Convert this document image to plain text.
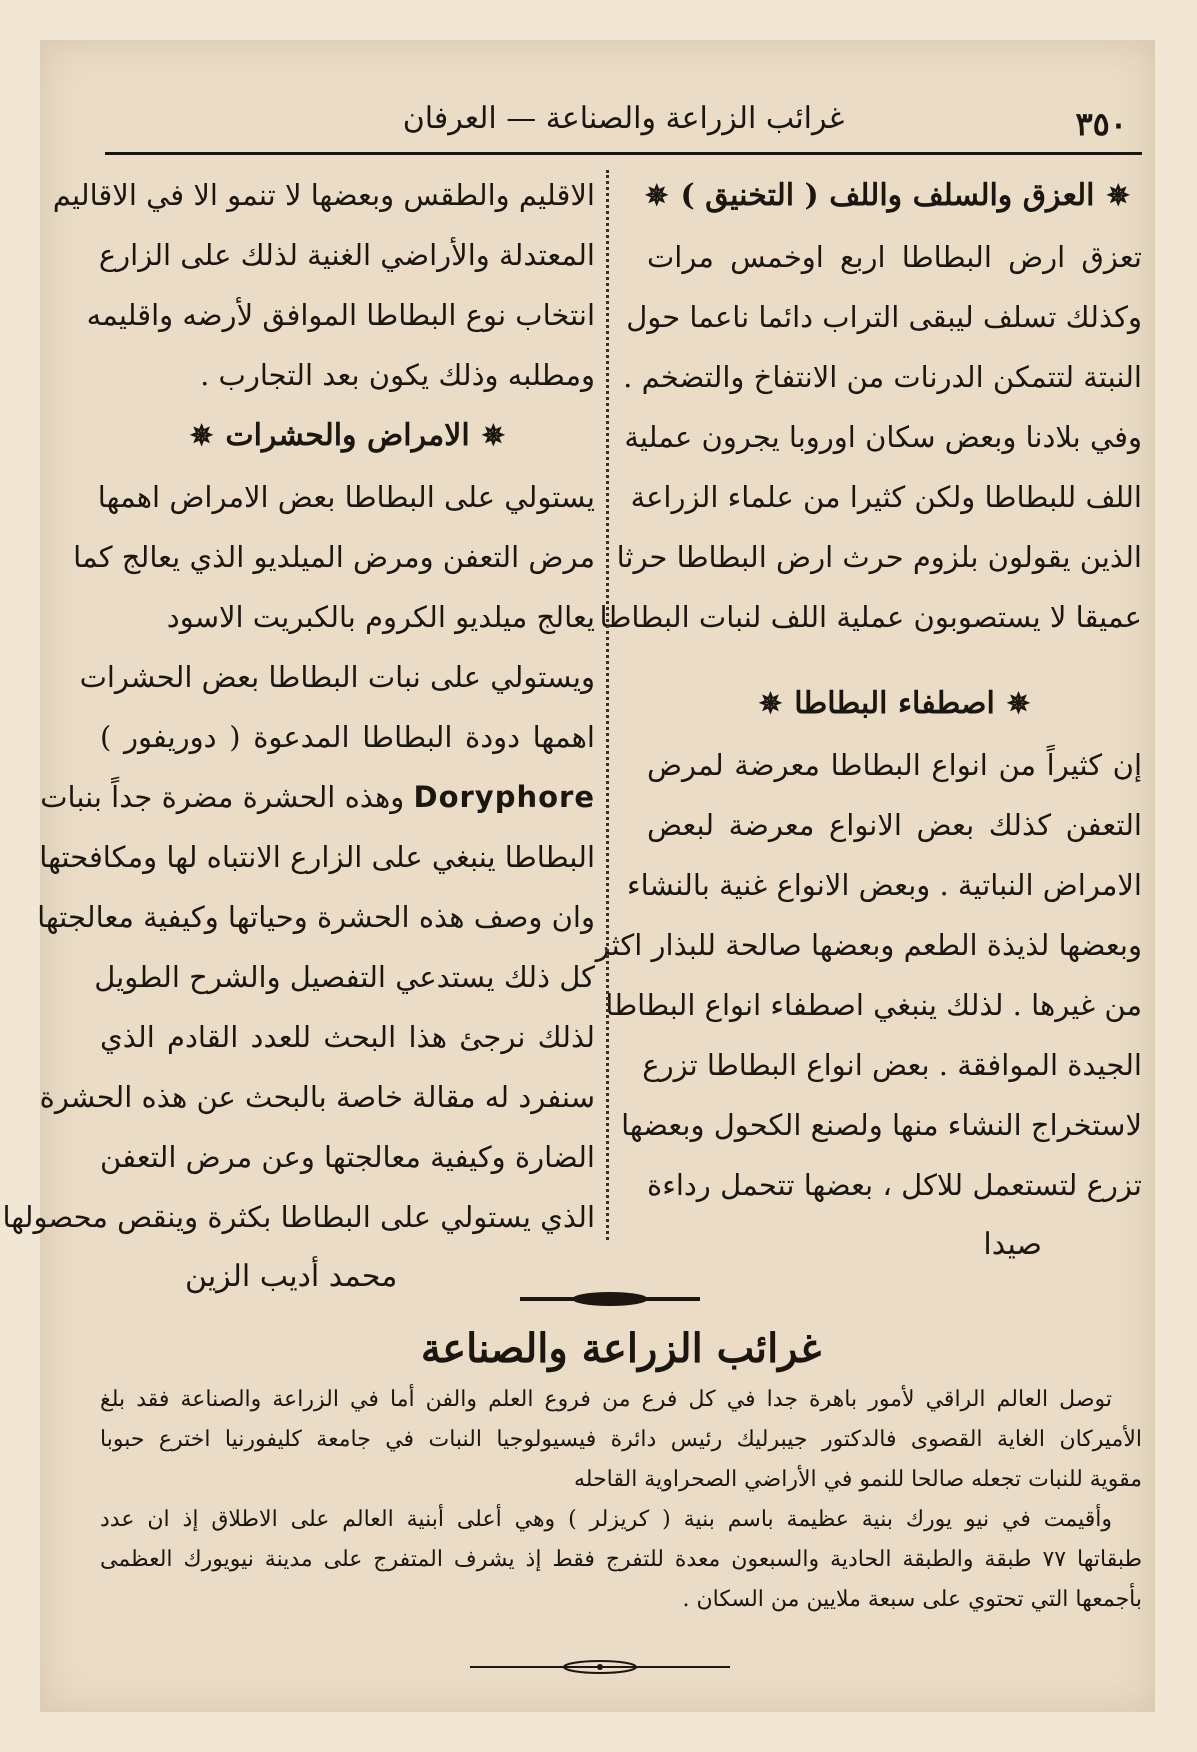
٣٥٠
غرائب الزراعة والصناعة — العرفان
✵العزق والسلف واللف ( التخنيق )✵
تعزق ارض البطاطا اربع اوخمس مرات
وكذلك تسلف ليبقى التراب دائما ناعما حول
النبتة لتتمكن الدرنات من الانتفاخ والتضخم .
وفي بلادنا وبعض سكان اوروبا يجرون عملية
اللف للبطاطا ولكن كثيرا من علماء الزراعة
الذين يقولون بلزوم حرث ارض البطاطا حرثا
عميقا لا يستصوبون عملية اللف لنبات البطاطا
✵اصطفاء البطاطا✵
إن كثيراً من انواع البطاطا معرضة لمرض
التعفن كذلك بعض الانواع معرضة لبعض
الامراض النباتية . وبعض الانواع غنية بالنشاء
وبعضها لذيذة الطعم وبعضها صالحة للبذار اكثر
من غيرها . لذلك ينبغي اصطفاء انواع البطاطا
الجيدة الموافقة . بعض انواع البطاطا تزرع
لاستخراج النشاء منها ولصنع الكحول وبعضها
تزرع لتستعمل للاكل ، بعضها تتحمل رداءة
صيدا
الاقليم والطقس وبعضها لا تنمو الا في الاقاليم
المعتدلة والأراضي الغنية لذلك على الزارع
انتخاب نوع البطاطا الموافق لأرضه واقليمه
ومطلبه وذلك يكون بعد التجارب .
✵الامراض والحشرات✵
يستولي على البطاطا بعض الامراض اهمها
مرض التعفن ومرض الميلديو الذي يعالج كما
يعالج ميلديو الكروم بالكبريت الاسود
ويستولي على نبات البطاطا بعض الحشرات
اهمها دودة البطاطا المدعوة ( دوريفور )
Doryphore وهذه الحشرة مضرة جداً بنبات
البطاطا ينبغي على الزارع الانتباه لها ومكافحتها
وان وصف هذه الحشرة وحياتها وكيفية معالجتها
كل ذلك يستدعي التفصيل والشرح الطويل
لذلك نرجئ هذا البحث للعدد القادم الذي
سنفرد له مقالة خاصة بالبحث عن هذه الحشرة
الضارة وكيفية معالجتها وعن مرض التعفن
الذي يستولي على البطاطا بكثرة وينقص محصولها
محمد أديب الزين
غرائب الزراعة والصناعة
توصل العالم الراقي لأمور باهرة جدا في كل فرع من فروع العلم والفن أما في الزراعة والصناعة فقد بلغ
الأميركان الغاية القصوى فالدكتور جيبرليك رئيس دائرة فيسيولوجيا النبات في جامعة كليفورنيا اخترع حبوبا
مقوية للنبات تجعله صالحا للنمو في الأراضي الصحراوية القاحله
وأقيمت في نيو يورك بنية عظيمة باسم بنية ( كريزلر ) وهي أعلى أبنية العالم على الاطلاق إذ ان عدد
طبقاتها ٧٧ طبقة والطبقة الحادية والسبعون معدة للتفرج فقط إذ يشرف المتفرج على مدينة نيويورك العظمى
بأجمعها التي تحتوي على سبعة ملايين من السكان .
